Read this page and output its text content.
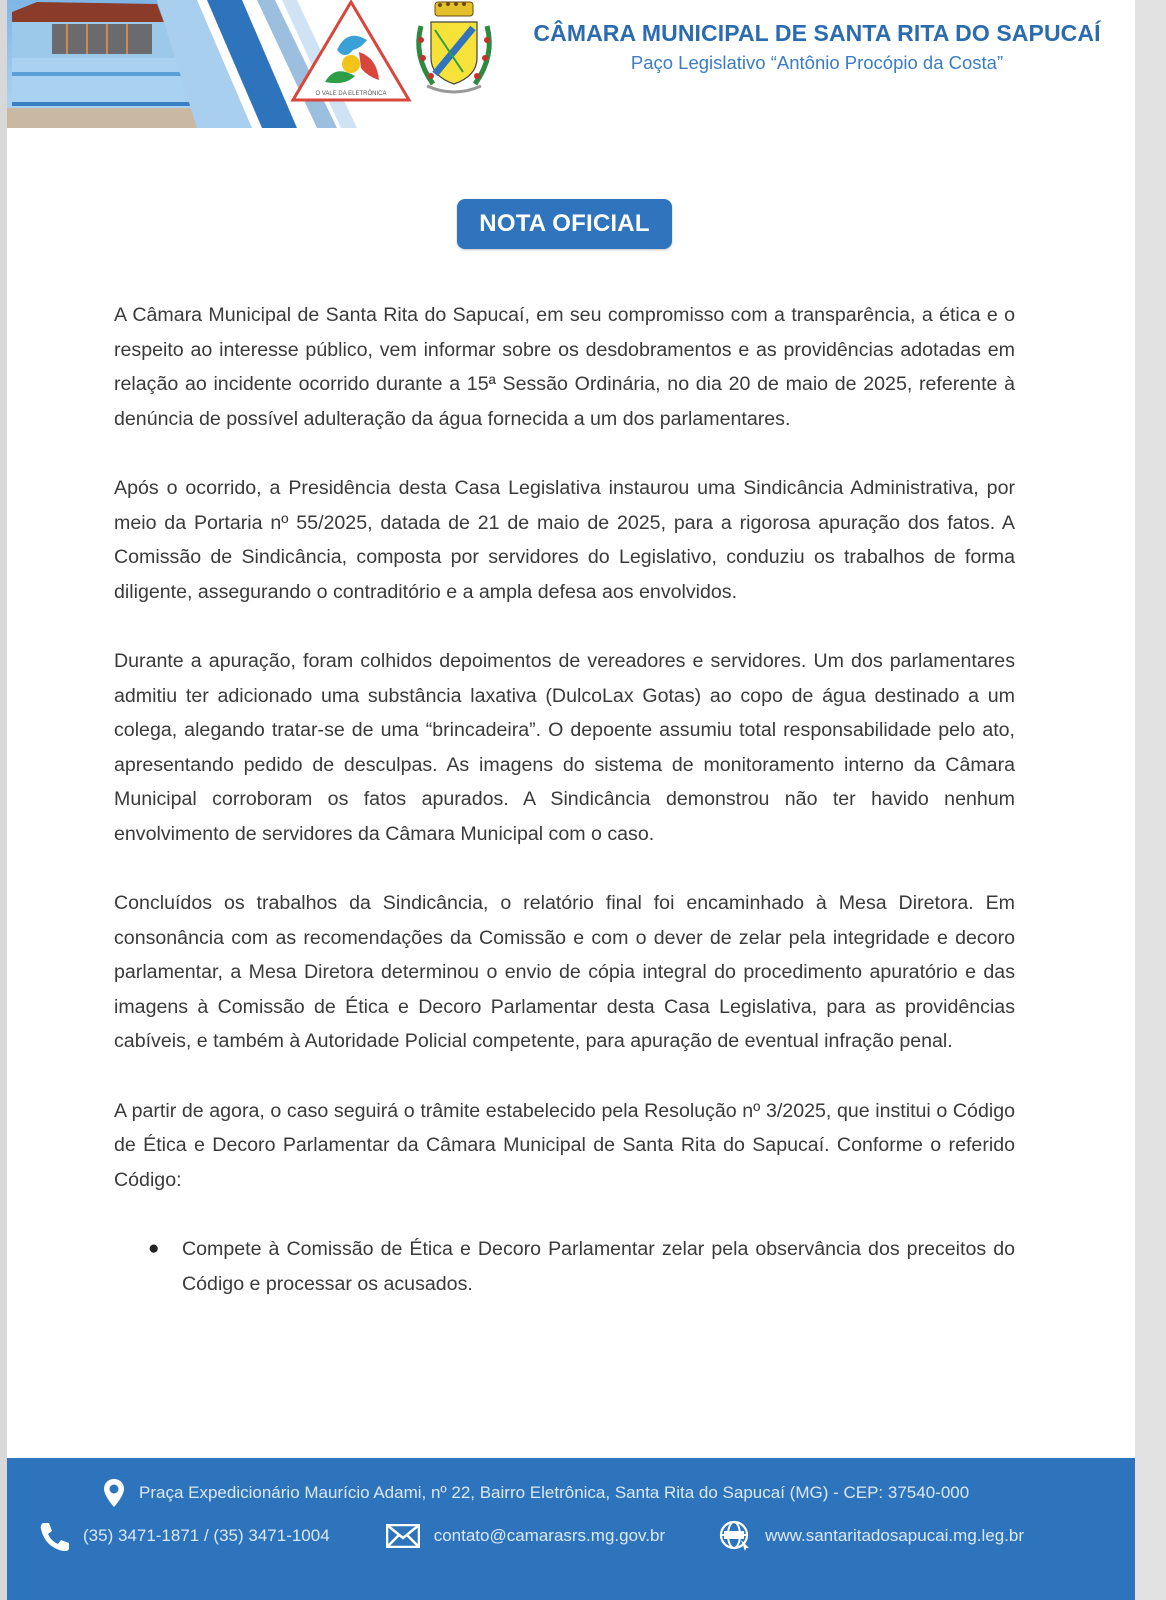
O VALE DA ELETRÔNICA
CÂMARA MUNICIPAL DE SANTA RITA DO SAPUCAÍ
Paço Legislativo “Antônio Procópio da Costa”
NOTA OFICIAL

A Câmara Municipal de Santa Rita do Sapucaí, em seu compromisso com a transparência, a ética e o respeito ao interesse público, vem informar sobre os desdobramentos e as providências adotadas em relação ao incidente ocorrido durante a 15ª Sessão Ordinária, no dia 20 de maio de 2025, referente à denúncia de possível adulteração da água fornecida a um dos parlamentares.

Após o ocorrido, a Presidência desta Casa Legislativa instaurou uma Sindicância Administrativa, por meio da Portaria nº 55/2025, datada de 21 de maio de 2025, para a rigorosa apuração dos fatos. A Comissão de Sindicância, composta por servidores do Legislativo, conduziu os trabalhos de forma diligente, assegurando o contraditório e a ampla defesa aos envolvidos.

Durante a apuração, foram colhidos depoimentos de vereadores e servidores. Um dos parlamentares admitiu ter adicionado uma substância laxativa (DulcoLax Gotas) ao copo de água destinado a um colega, alegando tratar-se de uma “brincadeira”. O depoente assumiu total responsabilidade pelo ato, apresentando pedido de desculpas. As imagens do sistema de monitoramento interno da Câmara Municipal corroboram os fatos apurados. A Sindicância demonstrou não ter havido nenhum envolvimento de servidores da Câmara Municipal com o caso.

Concluídos os trabalhos da Sindicância, o relatório final foi encaminhado à Mesa Diretora. Em consonância com as recomendações da Comissão e com o dever de zelar pela integridade e decoro parlamentar, a Mesa Diretora determinou o envio de cópia integral do procedimento apuratório e das imagens à Comissão de Ética e Decoro Parlamentar desta Casa Legislativa, para as providências cabíveis, e também à Autoridade Policial competente, para apuração de eventual infração penal.

A partir de agora, o caso seguirá o trâmite estabelecido pela Resolução nº 3/2025, que institui o Código de Ética e Decoro Parlamentar da Câmara Municipal de Santa Rita do Sapucaí. Conforme o referido Código:

● Compete à Comissão de Ética e Decoro Parlamentar zelar pela observância dos preceitos do Código e processar os acusados.
Praça Expedicionário Maurício Adami, nº 22, Bairro Eletrônica, Santa Rita do Sapucaí (MG) - CEP: 37540-000
(35) 3471-1871 / (35) 3471-1004	contato@camarasrs.mg.gov.br	www.santaritadosapucai.mg.leg.br
